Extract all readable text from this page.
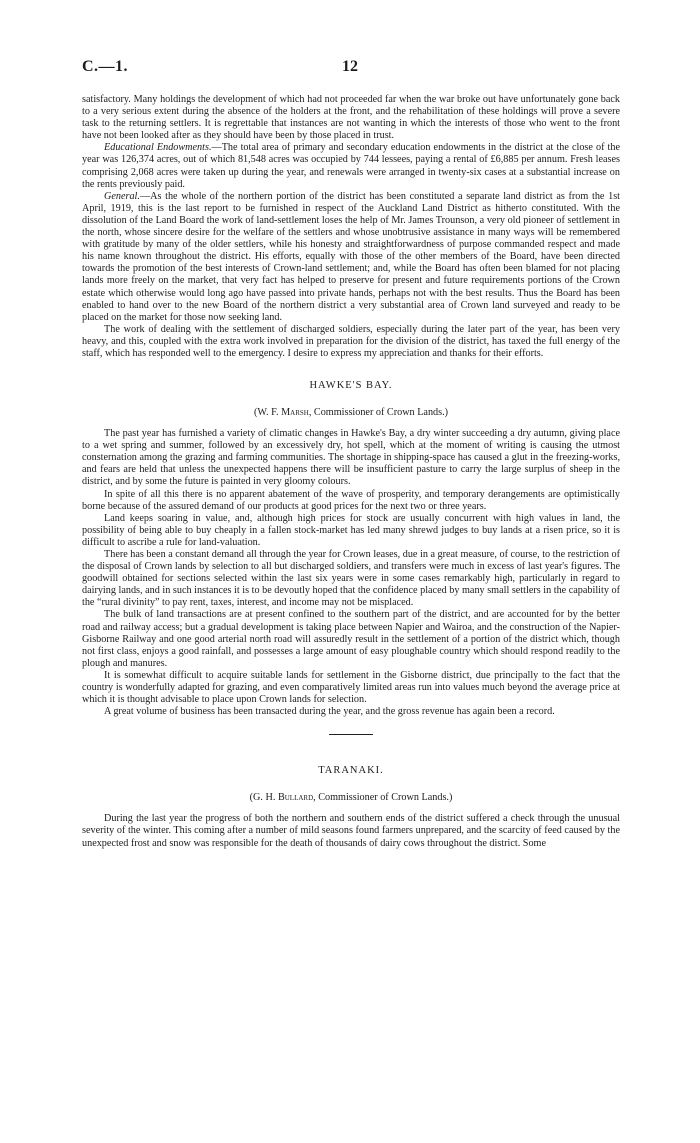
C.—1.	12

satisfactory. Many holdings the development of which had not proceeded far when the war broke out have unfortunately gone back to a very serious extent during the absence of the holders at the front, and the rehabilitation of these holdings will prove a severe task to the returning settlers. It is regrettable that instances are not wanting in which the interests of those who went to the front have not been looked after as they should have been by those placed in trust.

Educational Endowments.—The total area of primary and secondary education endowments in the district at the close of the year was 126,374 acres, out of which 81,548 acres was occupied by 744 lessees, paying a rental of £6,885 per annum. Fresh leases comprising 2,068 acres were taken up during the year, and renewals were arranged in twenty-six cases at a substantial increase on the rents previously paid.

General.—As the whole of the northern portion of the district has been constituted a separate land district as from the 1st April, 1919, this is the last report to be furnished in respect of the Auckland Land District as hitherto constituted. With the dissolution of the Land Board the work of land-settlement loses the help of Mr. James Trounson, a very old pioneer of settlement in the north, whose sincere desire for the welfare of the settlers and whose unobtrusive assistance in many ways will be remembered with gratitude by many of the older settlers, while his honesty and straightforwardness of purpose commanded respect and made his name known throughout the district. His efforts, equally with those of the other members of the Board, have been directed towards the promotion of the best interests of Crown-land settlement; and, while the Board has often been blamed for not placing lands more freely on the market, that very fact has helped to preserve for present and future requirements portions of the Crown estate which otherwise would long ago have passed into private hands, perhaps not with the best results. Thus the Board has been enabled to hand over to the new Board of the northern district a very substantial area of Crown land surveyed and ready to be placed on the market for those now seeking land.

The work of dealing with the settlement of discharged soldiers, especially during the later part of the year, has been very heavy, and this, coupled with the extra work involved in preparation for the division of the district, has taxed the full energy of the staff, which has responded well to the emergency. I desire to express my appreciation and thanks for their efforts.

HAWKE'S BAY.
(W. F. Marsh, Commissioner of Crown Lands.)

The past year has furnished a variety of climatic changes in Hawke's Bay, a dry winter succeeding a dry autumn, giving place to a wet spring and summer, followed by an excessively dry, hot spell, which at the moment of writing is causing the utmost consternation among the grazing and farming communities. The shortage in shipping-space has caused a glut in the freezing-works, and fears are held that unless the unexpected happens there will be insufficient pasture to carry the large surplus of sheep in the district, and by some the future is painted in very gloomy colours.

In spite of all this there is no apparent abatement of the wave of prosperity, and temporary derangements are optimistically borne because of the assured demand of our products at good prices for the next two or three years.

Land keeps soaring in value, and, although high prices for stock are usually concurrent with high values in land, the possibility of being able to buy cheaply in a fallen stock-market has led many shrewd judges to buy lands at a risen price, so it is difficult to ascribe a rule for land-valuation.

There has been a constant demand all through the year for Crown leases, due in a great measure, of course, to the restriction of the disposal of Crown lands by selection to all but discharged soldiers, and transfers were much in excess of last year's figures. The goodwill obtained for sections selected within the last six years were in some cases remarkably high, particularly in regard to dairying lands, and in such instances it is to be devoutly hoped that the confidence placed by many small settlers in the capability of the “rural divinity” to pay rent, taxes, interest, and income may not be misplaced.

The bulk of land transactions are at present confined to the southern part of the district, and are accounted for by the better road and railway access; but a gradual development is taking place between Napier and Wairoa, and the construction of the Napier-Gisborne Railway and one good arterial north road will assuredly result in the settlement of a portion of the district which, though not first class, enjoys a good rainfall, and possesses a large amount of easy ploughable country which should respond readily to the plough and manures.

It is somewhat difficult to acquire suitable lands for settlement in the Gisborne district, due principally to the fact that the country is wonderfully adapted for grazing, and even comparatively limited areas run into values much beyond the average price at which it is thought advisable to place upon Crown lands for selection.

A great volume of business has been transacted during the year, and the gross revenue has again been a record.

TARANAKI.
(G. H. Bullard, Commissioner of Crown Lands.)

During the last year the progress of both the northern and southern ends of the district suffered a check through the unusual severity of the winter. This coming after a number of mild seasons found farmers unprepared, and the scarcity of feed caused by the unexpected frost and snow was responsible for the death of thousands of dairy cows throughout the district. Some
